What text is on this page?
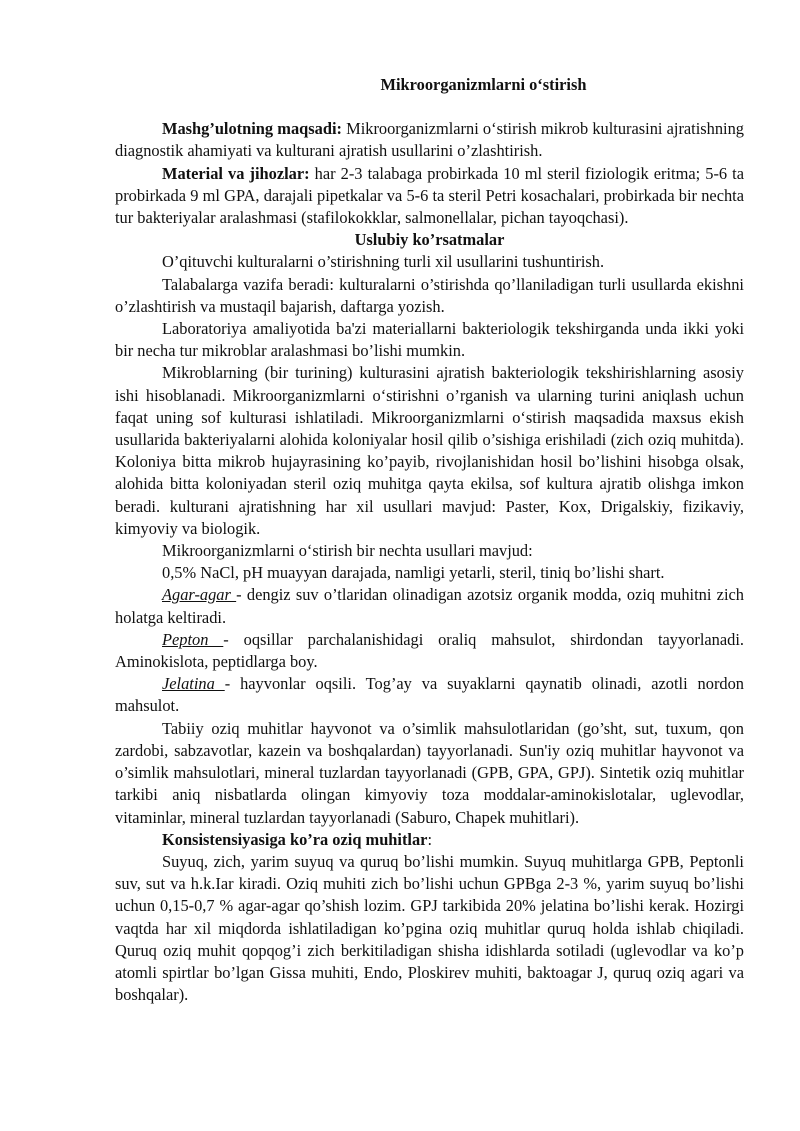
Mikroorganizmlarni o‘stirish

Mashg’ulotning maqsadi: Mikroorganizmlarni o‘stirish mikrob kulturasini ajratishning diagnostik ahamiyati va kulturani ajratish usullarini o’zlashtirish.

Material va jihozlar: har 2-3 talabaga probirkada 10 ml steril fiziologik eritma; 5-6 ta probirkada 9 ml GPA, darajali pipetkalar va 5-6 ta steril Petri kosachalari, probirkada bir nechta tur bakteriyalar aralashmasi (stafilokokklar, salmonellalar, pichan tayoqchasi).

Uslubiy ko’rsatmalar

O’qituvchi kulturalarni o’stirishning turli xil usullarini tushuntirish.

Talabalarga vazifa beradi: kulturalarni o’stirishda qo’llaniladigan turli usullarda ekishni o’zlashtirish va mustaqil bajarish, daftarga yozish.

Laboratoriya amaliyotida ba'zi materiallarni bakteriologik tekshirganda unda ikki yoki bir necha tur mikroblar aralashmasi bo’lishi mumkin.

Mikroblarning (bir turining) kulturasini ajratish bakteriologik tekshirishlarning asosiy ishi hisoblanadi. Mikroorganizmlarni o‘stirishni o’rganish va ularning turini aniqlash uchun faqat uning sof kulturasi ishlatiladi. Mikroorganizmlarni o‘stirish maqsadida maxsus ekish usullarida bakteriyalarni alohida koloniyalar hosil qilib o’sishiga erishiladi (zich oziq muhitda). Koloniya bitta mikrob hujayrasining ko’payib, rivojlanishidan hosil bo’lishini hisobga olsak, alohida bitta koloniyadan steril oziq muhitga qayta ekilsa, sof kultura ajratib olishga imkon beradi. kulturani ajratishning har xil usullari mavjud: Paster, Kox, Drigalskiy, fizikaviy, kimyoviy va biologik.

Mikroorganizmlarni o‘stirish bir nechta usullari mavjud:

0,5% NaCl, pH muayyan darajada, namligi yetarli, steril, tiniq bo’lishi shart.

Agar-agar - dengiz suv o’tlaridan olinadigan azotsiz organik modda, oziq muhitni zich holatga keltiradi.

Pepton - oqsillar parchalanishidagi oraliq mahsulot, shirdondan tayyorlanadi. Aminokislota, peptidlarga boy.

Jelatina - hayvonlar oqsili. Tog’ay va suyaklarni qaynatib olinadi, azotli nordon mahsulot.

Tabiiy oziq muhitlar hayvonot va o’simlik mahsulotlaridan (go’sht, sut, tuxum, qon zardobi, sabzavotlar, kazein va boshqalardan) tayyorlanadi. Sun'iy oziq muhitlar hayvonot va o’simlik mahsulotlari, mineral tuzlardan tayyorlanadi (GPB, GPA, GPJ). Sintetik oziq muhitlar tarkibi aniq nisbatlarda olingan kimyoviy toza moddalar-aminokislotalar, uglevodlar, vitaminlar, mineral tuzlardan tayyorlanadi (Saburo, Chapek muhitlari).

Konsistensiyasiga ko’ra oziq muhitlar:

Suyuq, zich, yarim suyuq va quruq bo’lishi mumkin. Suyuq muhitlarga GPB, Peptonli suv, sut va h.k.Iar kiradi. Oziq muhiti zich bo’lishi uchun GPBga 2-3 %, yarim suyuq bo’lishi uchun 0,15-0,7 % agar-agar qo’shish lozim. GPJ tarkibida 20% jelatina bo’lishi kerak. Hozirgi vaqtda har xil miqdorda ishlatiladigan ko’pgina oziq muhitlar quruq holda ishlab chiqiladi. Quruq oziq muhit qopqog’i zich berkitiladigan shisha idishlarda sotiladi (uglevodlar va ko’p atomli spirtlar bo’lgan Gissa muhiti, Endo, Ploskirev muhiti, baktoagar J, quruq oziq agari va boshqalar).
